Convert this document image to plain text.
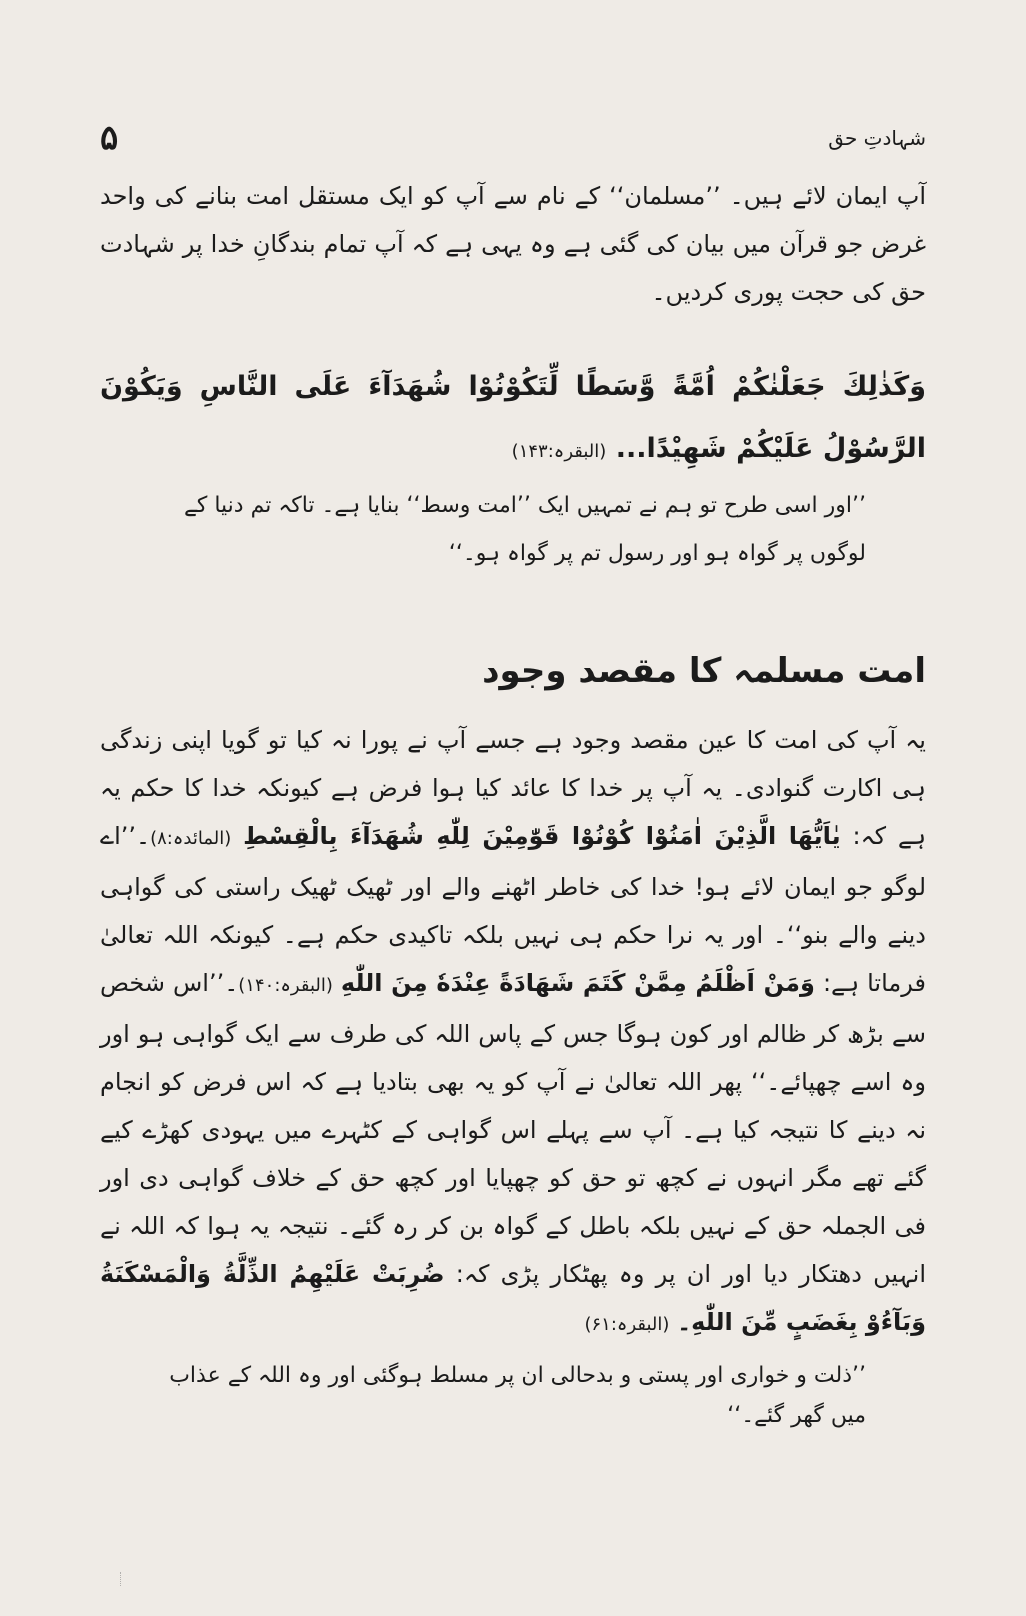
۵	شہادتِ حق

آپ ایمان لائے ہیں۔ ’’مسلمان‘‘ کے نام سے آپ کو ایک مستقل امت بنانے کی واحد غرض جو قرآن میں بیان کی گئی ہے وہ یہی ہے کہ آپ تمام بندگانِ خدا پر شہادت حق کی حجت پوری کردیں۔

وَكَذٰلِكَ جَعَلْنٰكُمْ اُمَّةً وَّسَطًا لِّتَكُوْنُوْا شُهَدَآءَ عَلَى النَّاسِ وَيَكُوْنَ الرَّسُوْلُ عَلَيْكُمْ شَهِيْدًا... (البقرہ:۱۴۳)
’’اور اسی طرح تو ہم نے تمہیں ایک ’’امت وسط‘‘ بنایا ہے۔ تاکہ تم دنیا کے لوگوں پر گواہ ہو اور رسول تم پر گواہ ہو۔‘‘
امت مسلمہ کا مقصد وجود
یہ آپ کی امت کا عین مقصد وجود ہے جسے آپ نے پورا نہ کیا تو گویا اپنی زندگی ہی اکارت گنوادی۔ یہ آپ پر خدا کا عائد کیا ہوا فرض ہے کیونکہ خدا کا حکم یہ ہے کہ: يٰاَيُّهَا الَّذِيْنَ اٰمَنُوْا كُوْنُوْا قَوّٰمِيْنَ لِلّٰهِ شُهَدَآءَ بِالْقِسْطِ (المائدہ:۸)۔’’اے لوگو جو ایمان لائے ہو! خدا کی خاطر اٹھنے والے اور ٹھیک ٹھیک راستی کی گواہی دینے والے بنو‘‘۔ اور یہ نرا حکم ہی نہیں بلکہ تاکیدی حکم ہے۔ کیونکہ اللہ تعالیٰ فرماتا ہے: وَمَنْ اَظْلَمُ مِمَّنْ كَتَمَ شَهَادَةً عِنْدَهٗ مِنَ اللّٰهِ (البقرہ:۱۴۰)۔’’اس شخص سے بڑھ کر ظالم اور کون ہوگا جس کے پاس اللہ کی طرف سے ایک گواہی ہو اور وہ اسے چھپائے۔‘‘ پھر اللہ تعالیٰ نے آپ کو یہ بھی بتادیا ہے کہ اس فرض کو انجام نہ دینے کا نتیجہ کیا ہے۔ آپ سے پہلے اس گواہی کے کٹہرے میں یہودی کھڑے کیے گئے تھے مگر انہوں نے کچھ تو حق کو چھپایا اور کچھ حق کے خلاف گواہی دی اور فی الجملہ حق کے نہیں بلکہ باطل کے گواہ بن کر رہ گئے۔ نتیجہ یہ ہوا کہ اللہ نے انہیں دھتکار دیا اور ان پر وہ پھٹکار پڑی کہ: ضُرِبَتْ عَلَيْهِمُ الذِّلَّةُ وَالْمَسْكَنَةُ وَبَآءُوْ بِغَضَبٍ مِّنَ اللّٰهِ۔ (البقرہ:۶۱)
’’ذلت و خواری اور پستی و بدحالی ان پر مسلط ہوگئی اور وہ اللہ کے عذاب میں گھر گئے۔‘‘
